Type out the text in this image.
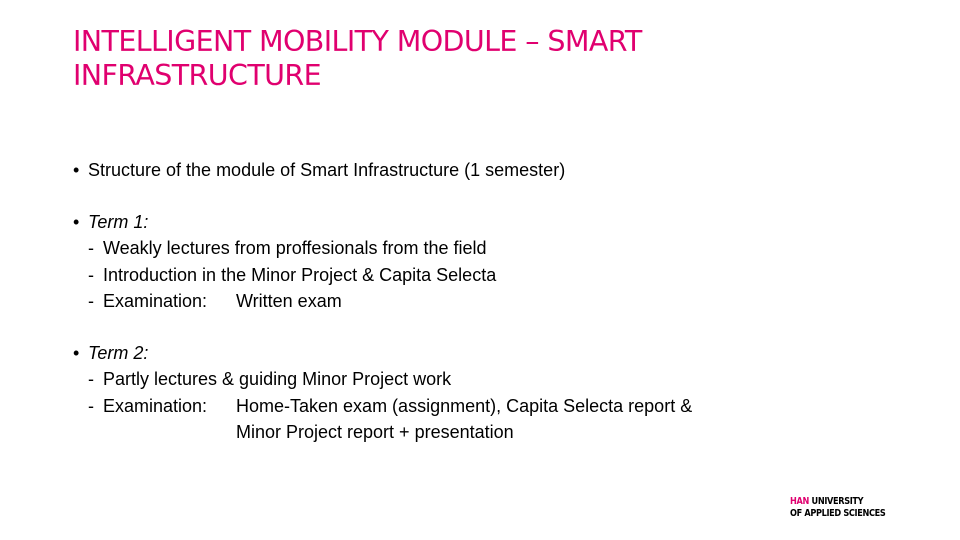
INTELLIGENT MOBILITY MODULE – SMART
INFRASTRUCTURE
• Structure of the module of Smart Infrastructure (1 semester)
• Term 1:
- Weakly lectures from proffesionals from the field
- Introduction in the Minor Project & Capita Selecta
- Examination: Written exam
• Term 2:
- Partly lectures & guiding Minor Project work
- Examination: Home-Taken exam (assignment), Capita Selecta report &
Minor Project report + presentation
HAN UNIVERSITY
OF APPLIED SCIENCES
